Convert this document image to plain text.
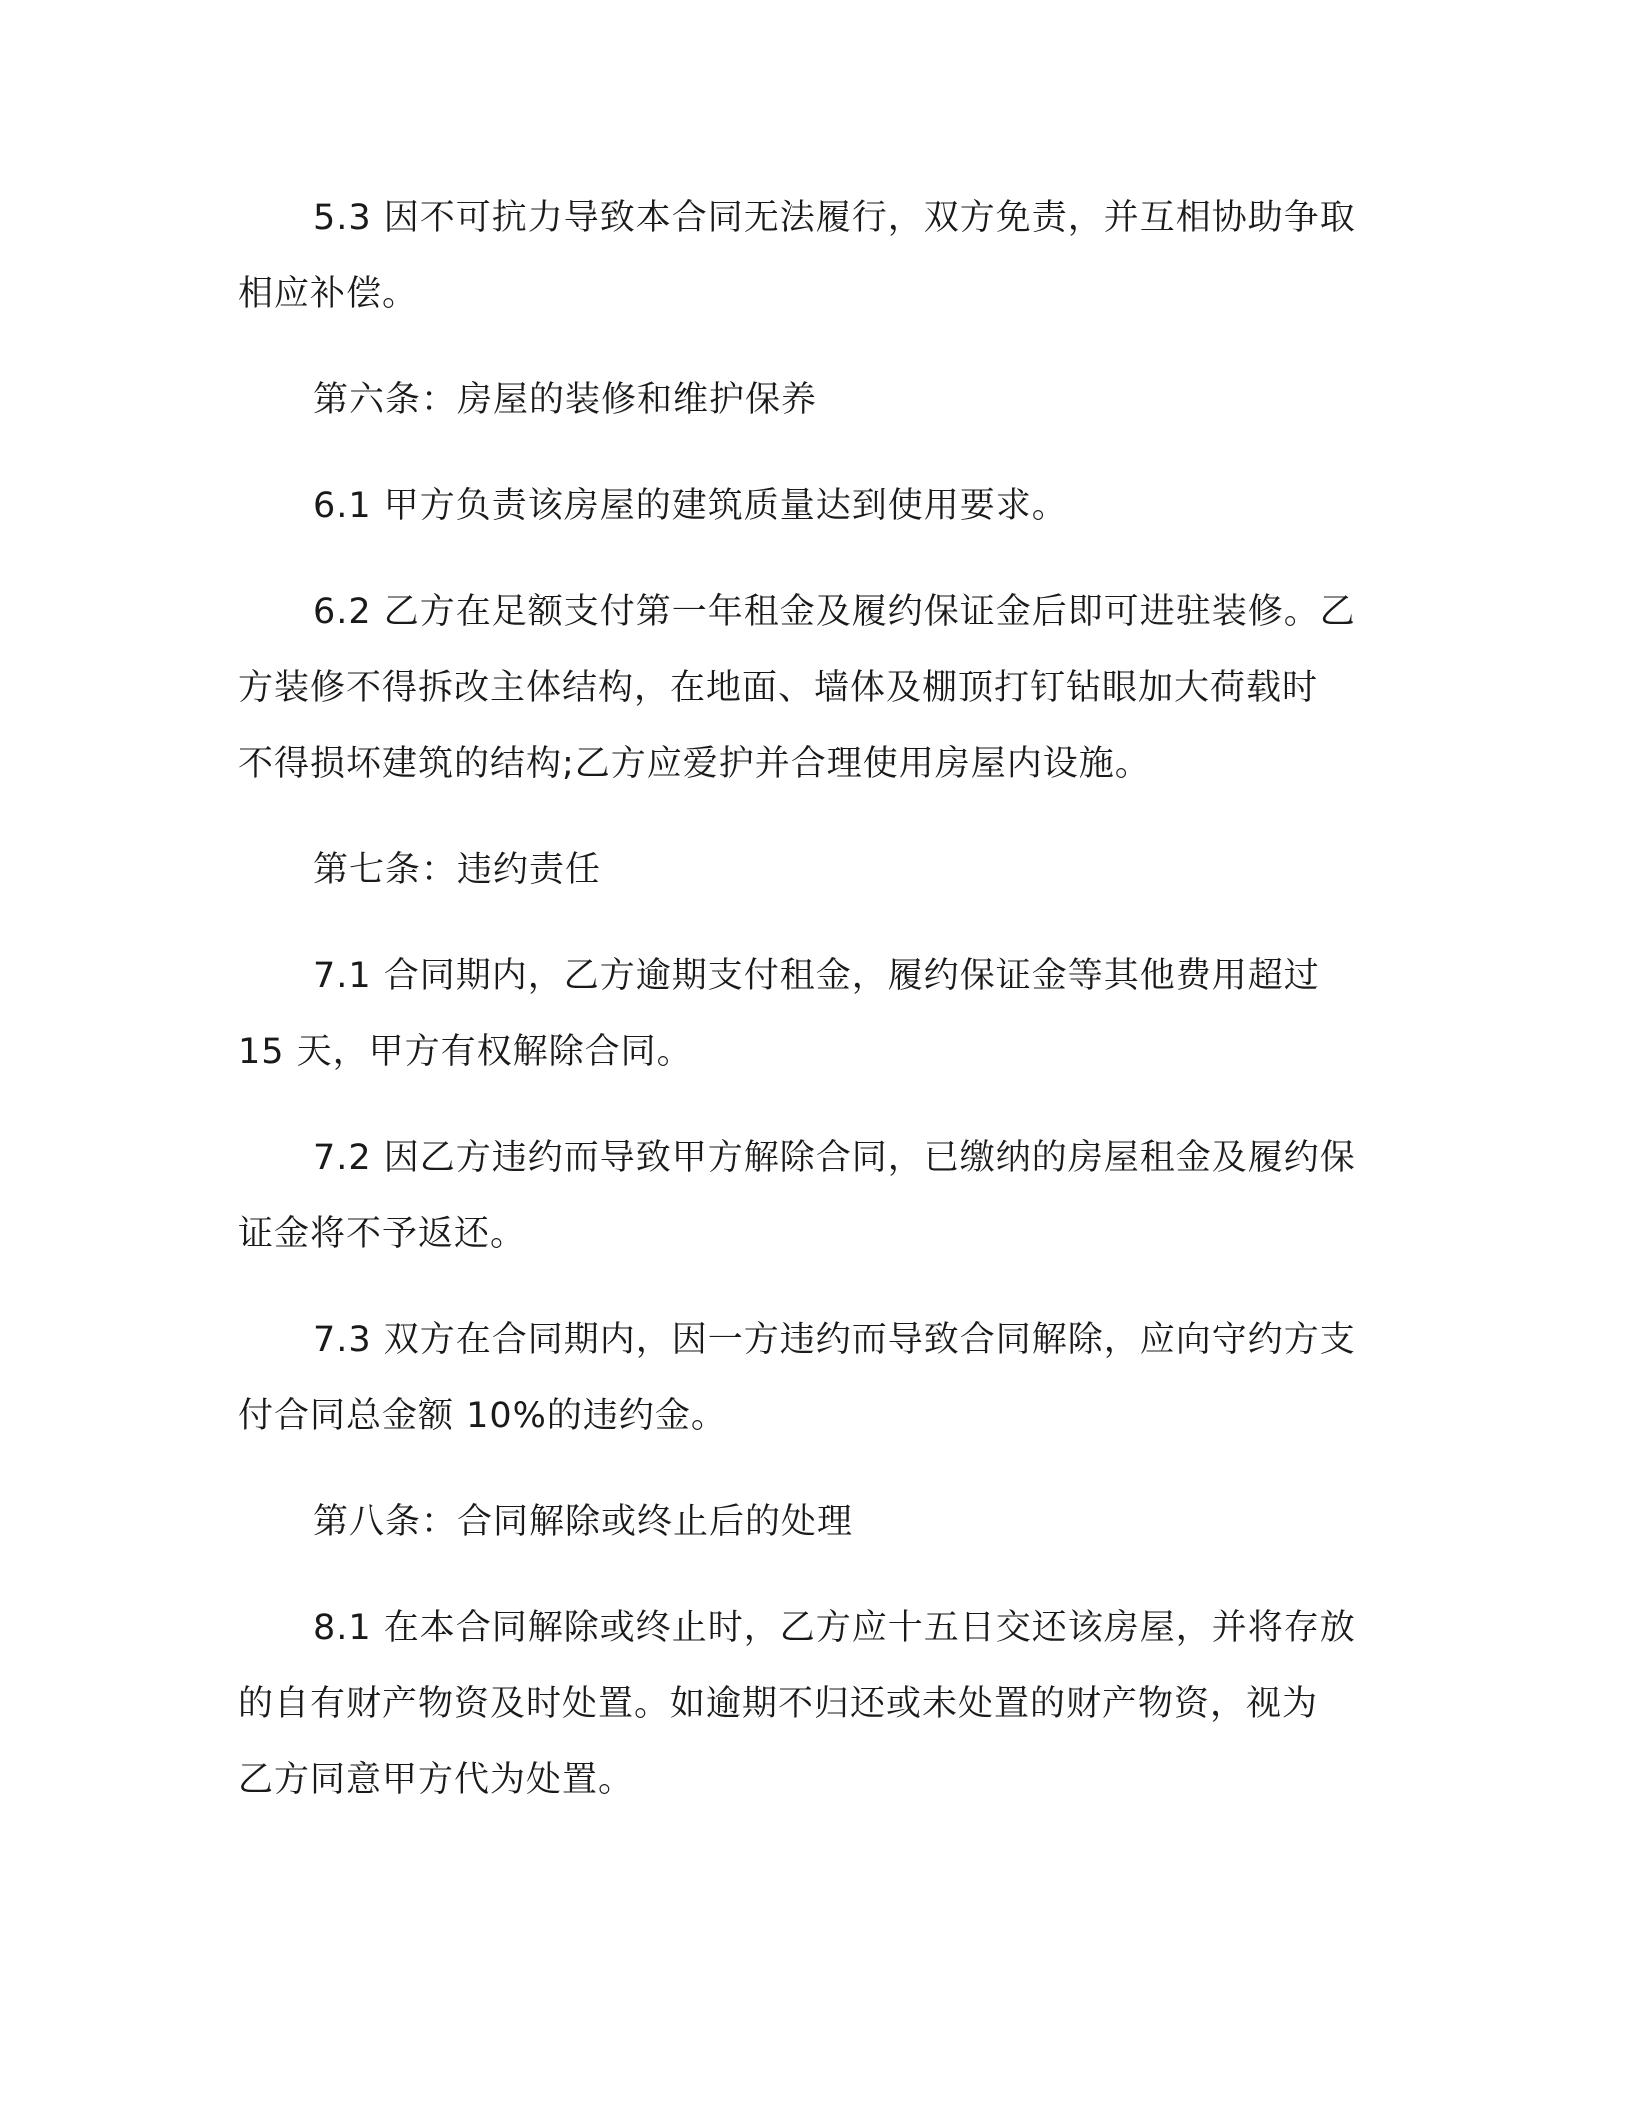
5.3 因不可抗力导致本合同无法履行，双方免责，并互相协助争取
相应补偿。

第六条：房屋的装修和维护保养

6.1 甲方负责该房屋的建筑质量达到使用要求。

6.2 乙方在足额支付第一年租金及履约保证金后即可进驻装修。乙
方装修不得拆改主体结构，在地面、墙体及棚顶打钉钻眼加大荷载时
不得损坏建筑的结构;乙方应爱护并合理使用房屋内设施。

第七条：违约责任

7.1 合同期内，乙方逾期支付租金，履约保证金等其他费用超过
15 天，甲方有权解除合同。

7.2 因乙方违约而导致甲方解除合同，已缴纳的房屋租金及履约保
证金将不予返还。

7.3 双方在合同期内，因一方违约而导致合同解除，应向守约方支
付合同总金额 10%的违约金。

第八条：合同解除或终止后的处理

8.1 在本合同解除或终止时，乙方应十五日交还该房屋，并将存放
的自有财产物资及时处置。如逾期不归还或未处置的财产物资，视为
乙方同意甲方代为处置。
